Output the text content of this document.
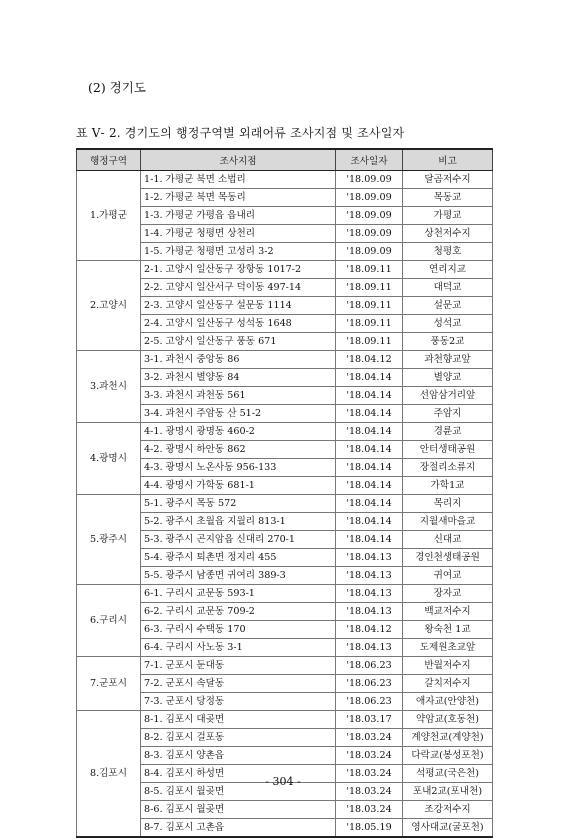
(2) 경기도
표 Ⅴ- 2. 경기도의 행정구역별 외래어류 조사지점 및 조사일자
행정구역	조사지점	조사일자	비고
1.가평군	1-1. 가평군 북면 소법리	'18.09.09	달곰저수지
	1-2. 가평군 북면 목동리	'18.09.09	목동교
	1-3. 가평군 가평읍 읍내리	'18.09.09	가평교
	1-4. 가평군 청평면 상천리	'18.09.09	상천저수지
	1-5. 가평군 청평면 고성리 3-2	'18.09.09	청평호
2.고양시	2-1. 고양시 일산동구 장항동 1017-2	'18.09.11	연리지교
	2-2. 고양시 일산서구 덕이동 497-14	'18.09.11	대덕교
	2-3. 고양시 일산동구 설문동 1114	'18.09.11	설문교
	2-4. 고양시 일산동구 성석동 1648	'18.09.11	성석교
	2-5. 고양시 일산동구 풍동 671	'18.09.11	풍동2교
3.과천시	3-1. 과천시 중앙동 86	'18.04.12	과천향교앞
	3-2. 과천시 별양동 84	'18.04.14	별양교
	3-3. 과천시 과천동 561	'18.04.14	선암삼거리앞
	3-4. 과천시 주암동 산 51-2	'18.04.14	주암지
4.광명시	4-1. 광명시 광명동 460-2	'18.04.14	경륜교
	4-2. 광명시 하안동 862	'18.04.14	안터생태공원
	4-3. 광명시 노온사동 956-133	'18.04.14	장절리소류지
	4-4. 광명시 가학동 681-1	'18.04.14	가학1교
5.광주시	5-1. 광주시 목동 572	'18.04.14	목리지
	5-2. 광주시 초월읍 지월리 813-1	'18.04.14	지월새마을교
	5-3. 광주시 곤지암읍 신대리 270-1	'18.04.14	신대교
	5-4. 광주시 퇴촌면 정지리 455	'18.04.13	경인천생태공원
	5-5. 광주시 남종면 귀여리 389-3	'18.04.13	귀여교
6.구리시	6-1. 구리시 교문동 593-1	'18.04.13	장자교
	6-2. 구리시 교문동 709-2	'18.04.13	백교저수지
	6-3. 구리시 수택동 170	'18.04.12	왕숙천 1교
	6-4. 구리시 사노동 3-1	'18.04.13	도제원초교앞
7.군포시	7-1. 군포시 둔대동	'18.06.23	반월저수지
	7-2. 군포시 속달동	'18.06.23	갈치저수지
	7-3. 군포시 당정동	'18.06.23	애자교(안양천)
8.김포시	8-1. 김포시 대곶면	'18.03.17	약암교(호동천)
	8-2. 김포시 걸포동	'18.03.24	계양천교(계양천)
	8-3. 김포시 양촌읍	'18.03.24	다락교(봉성포천)
	8-4. 김포시 하성면	'18.03.24	석평교(국은천)
	8-5. 김포시 월곶면	'18.03.24	포내2교(포내천)
	8-6. 김포시 월곶면	'18.03.24	조강저수지
	8-7. 김포시 고촌읍	'18.05.19	영사대교(굴포천)
- 304 -
